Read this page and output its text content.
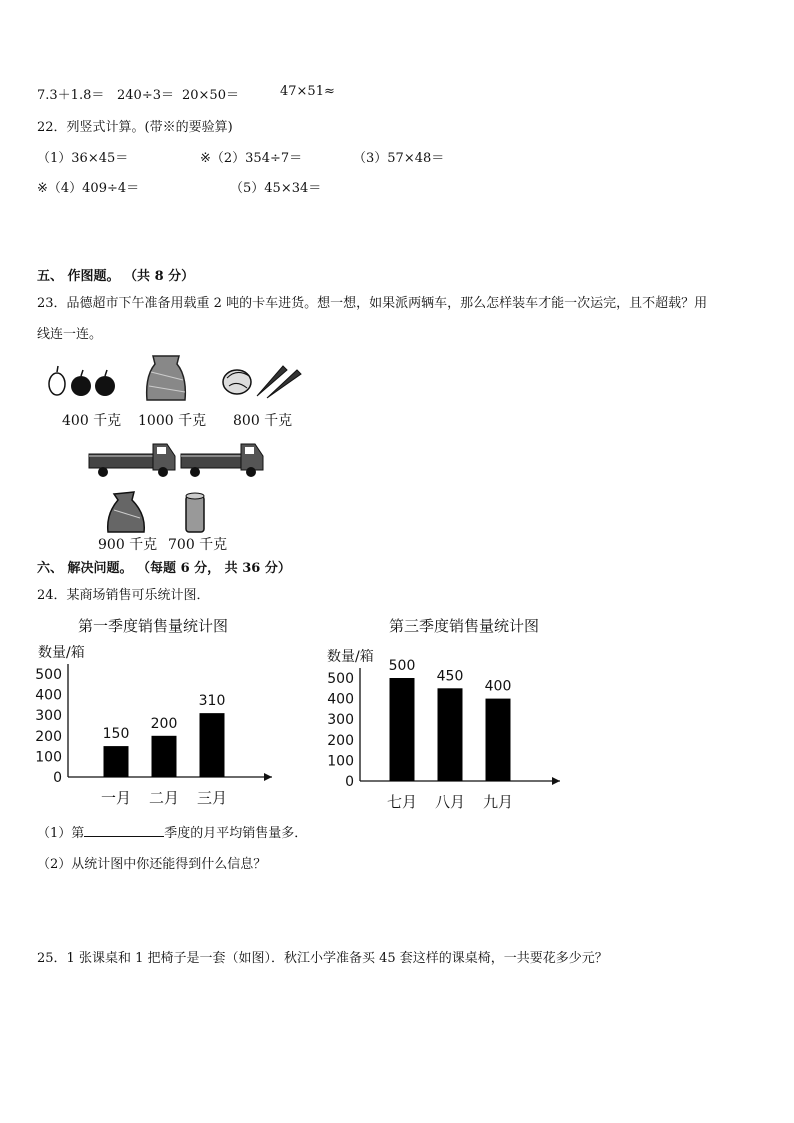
7.3＋1.8＝ 240÷3＝ 20×50＝	47×51≈
22．列竖式计算。(带※的要验算)
（1）36×45＝	※（2）354÷7＝	（3）57×48＝
※（4）409÷4＝	（5）45×34＝
五、 作图题。 （共 8 分）
23．品德超市下午准备用载重 2 吨的卡车进货。想一想，如果派两辆车，那么怎样装车才能一次运完，且不超载？用
线连一连。
400 千克 1000 千克 800 千克
900 千克 700 千克
六、 解决问题。 （每题 6 分， 共 36 分）
24．某商场销售可乐统计图．
第一季度销售量统计图	第三季度销售量统计图
数量/箱	数量/箱
0
100
200
300
400
500
150
一月
200
二月
310
三月
0
100
200
300
400
500
500
七月
450
八月
400
九月
（1）第	季度的月平均销售量多．
（2）从统计图中你还能得到什么信息？
25．1 张课桌和 1 把椅子是一套（如图）．秋江小学准备买 45 套这样的课桌椅，一共要花多少元？
